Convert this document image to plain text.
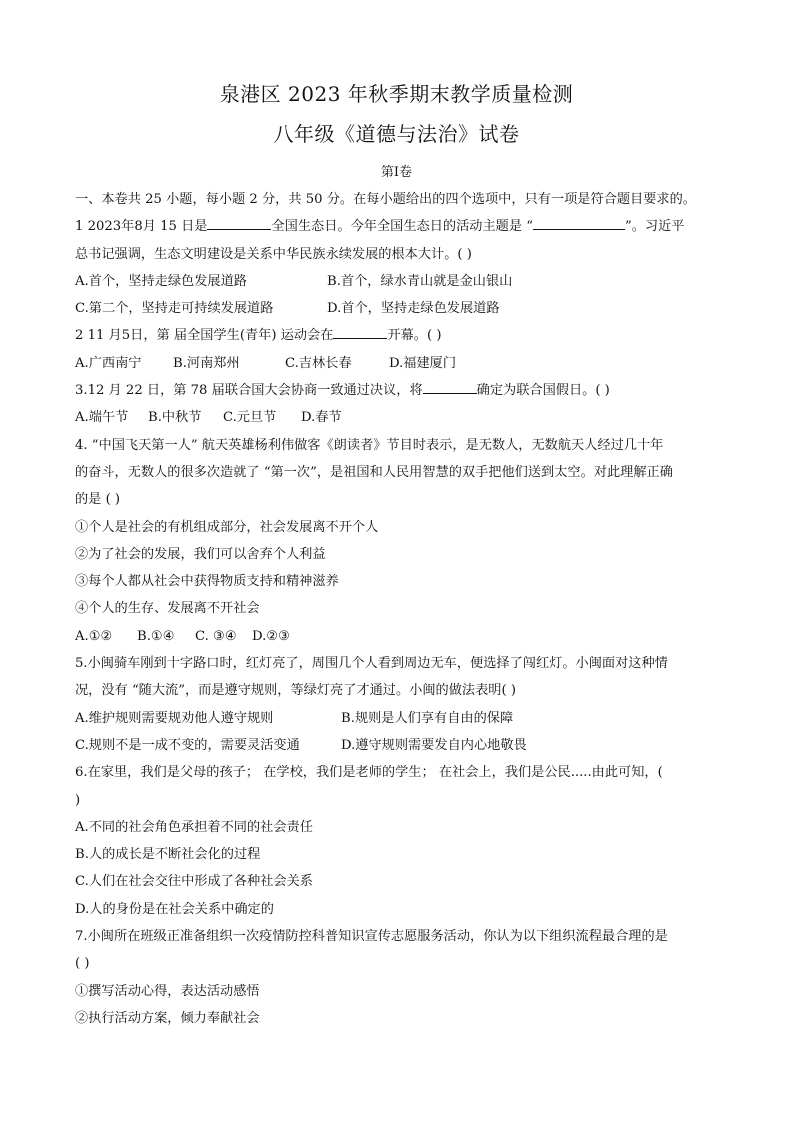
泉港区 2023 年秋季期末教学质量检测
八年级《道德与法治》试卷
第Ⅰ卷
一、本卷共 25 小题，每小题 2 分，共 50 分。在每小题给出的四个选项中，只有一项是符合题目要求的。
1 2023年8月 15 日是	全国生态日。今年全国生态日的活动主题是 “	”。习近平
总书记强调，生态文明建设是关系中华民族永续发展的根本大计。( )
A.首个，坚持走绿色发展道路	B.首个，绿水青山就是金山银山
C.第二个，坚持走可持续发展道路	D.首个，坚持走绿色发展道路
2 11 月5日，第 届全国学生(青年) 运动会在	开幕。( )
A.广西南宁	B.河南郑州	C.吉林长春	D.福建厦门
3.12 月 22 日，第 78 届联合国大会协商一致通过决议，将	确定为联合国假日。( )
A.端午节	B.中秋节	C.元旦节	D.春节
4. “中国飞天第一人” 航天英雄杨利伟做客《朗读者》节目时表示，是无数人，无数航天人经过几十年
的奋斗，无数人的很多次造就了 “第一次”，是祖国和人民用智慧的双手把他们送到太空。对此理解正确
的是 ( )
①个人是社会的有机组成部分，社会发展离不开个人
②为了社会的发展，我们可以舍弃个人利益
③每个人都从社会中获得物质支持和精神滋养
④个人的生存、发展离不开社会
A.①②	B.①④	C. ③④	D.②③
5.小闽骑车刚到十字路口时，红灯亮了，周围几个人看到周边无车，便选择了闯红灯。小闽面对这种情
况，没有 “随大流”，而是遵守规则，等绿灯亮了才通过。小闽的做法表明( )
A.维护规则需要规劝他人遵守规则	B.规则是人们享有自由的保障
C.规则不是一成不变的，需要灵活变通	D.遵守规则需要发自内心地敬畏
6.在家里，我们是父母的孩子； 在学校，我们是老师的学生； 在社会上，我们是公民.....由此可知，(
)
A.不同的社会角色承担着不同的社会责任
B.人的成长是不断社会化的过程
C.人们在社会交往中形成了各种社会关系
D.人的身份是在社会关系中确定的
7.小闽所在班级正准备组织一次疫情防控科普知识宣传志愿服务活动，你认为以下组织流程最合理的是
( )
①撰写活动心得，表达活动感悟
②执行活动方案，倾力奉献社会
